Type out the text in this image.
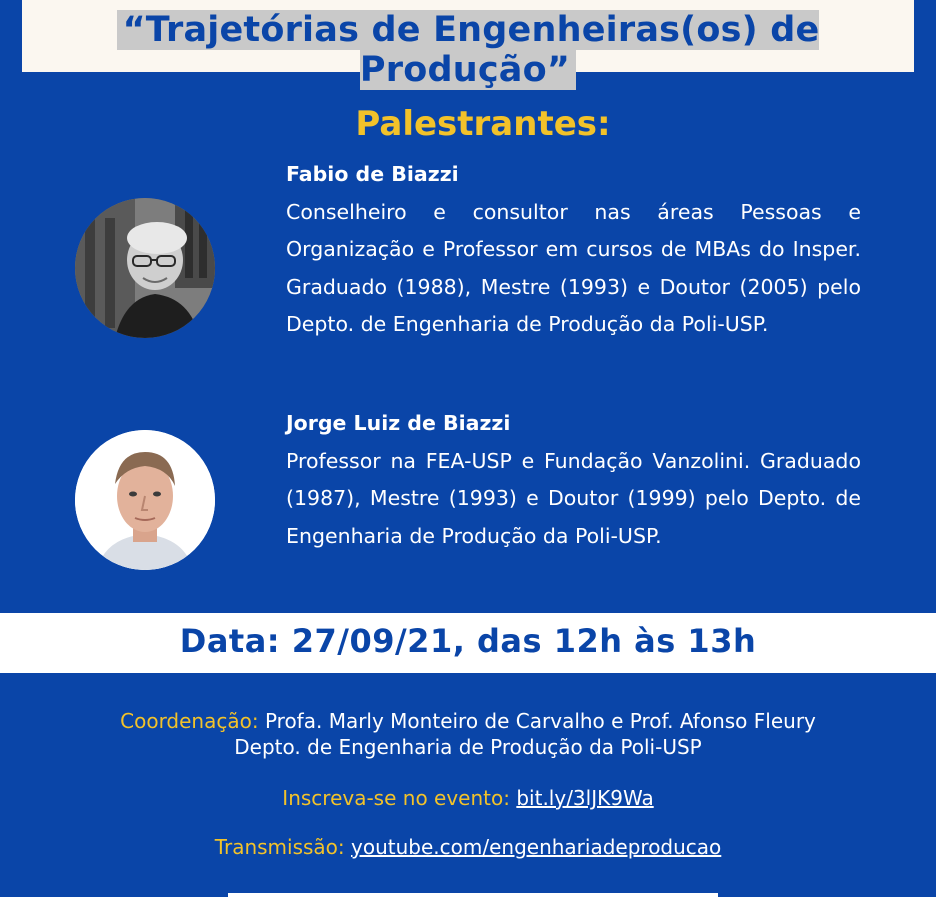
“Trajetórias de Engenheiras(os) de Produção”
Palestrantes:
Fabio de Biazzi
Conselheiro e consultor nas áreas Pessoas e Organização e Professor em cursos de MBAs do Insper. Graduado (1988), Mestre (1993) e Doutor (2005) pelo Depto. de Engenharia de Produção da Poli-USP.
Jorge Luiz de Biazzi
Professor na FEA-USP e Fundação Vanzolini. Graduado (1987), Mestre (1993) e Doutor (1999) pelo Depto. de Engenharia de Produção da Poli-USP.
Data: 27/09/21, das 12h às 13h
Coordenação: Profa. Marly Monteiro de Carvalho e Prof. Afonso Fleury
Depto. de Engenharia de Produção da Poli-USP
Inscreva-se no evento: bit.ly/3lJK9Wa
Transmissão: youtube.com/engenhariadeproducao
